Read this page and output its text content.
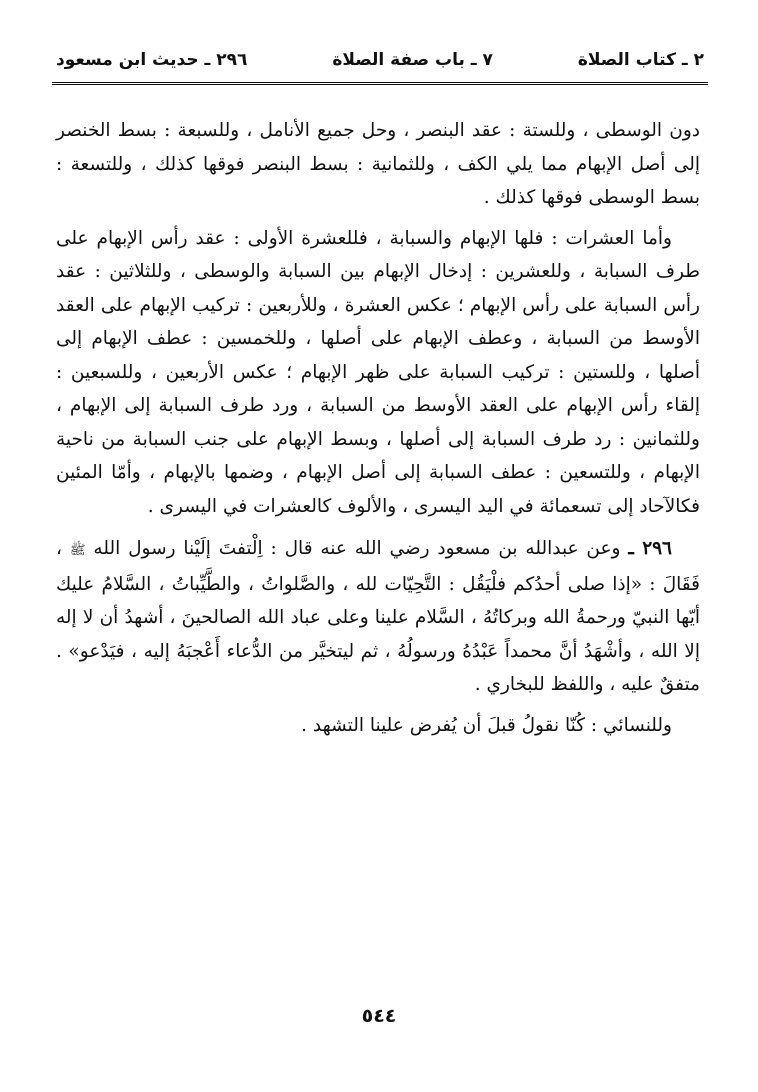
٢ ـ كتاب الصلاة
٧ ـ باب صفة الصلاة
٢٩٦ ـ حديث ابن مسعود

دون الوسطى ، وللستة : عقد البنصر ، وحل جميع الأنامل ، وللسبعة : بسط الخنصر إلى أصل الإبهام مما يلي الكف ، وللثمانية : بسط البنصر فوقها كذلك ، وللتسعة : بسط الوسطى فوقها كذلك .

وأما العشرات : فلها الإبهام والسبابة ، فللعشرة الأولى : عقد رأس الإبهام على طرف السبابة ، وللعشرين : إدخال الإبهام بين السبابة والوسطى ، وللثلاثين : عقد رأس السبابة على رأس الإبهام ؛ عكس العشرة ، وللأربعين : تركيب الإبهام على العقد الأوسط من السبابة ، وعطف الإبهام على أصلها ، وللخمسين : عطف الإبهام إلى أصلها ، وللستين : تركيب السبابة على ظهر الإبهام ؛ عكس الأربعين ، وللسبعين : إلقاء رأس الإبهام على العقد الأوسط من السبابة ، ورد طرف السبابة إلى الإبهام ، وللثمانين : رد طرف السبابة إلى أصلها ، وبسط الإبهام على جنب السبابة من ناحية الإبهام ، وللتسعين : عطف السبابة إلى أصل الإبهام ، وضمها بالإبهام ، وأمّا المئين فكالآحاد إلى تسعمائة في اليد اليسرى ، والألوف كالعشرات في اليسرى .

٢٩٦ ـ وعن عبدالله بن مسعود رضي الله عنه قال : اِلْتفتَ إلَيْنا رسول الله ﷺ ، فَقَالَ : «إذا صلى أحدُكم فلْيَقُل : التَّحِيّات لله ، والصَّلواتُ ، والطَّيِّباتُ ، السَّلامُ عليك أيّها النبيّ ورحمةُ الله وبركاتُهُ ، السَّلام علينا وعلى عباد الله الصالحينَ ، أشهدُ أن لا إله إلا الله ، وأشْهَدُ أنَّ محمداً عَبْدُهُ ورسولُهُ ، ثم ليتخيَّر من الدُّعاء أَعْجبَهُ إليه ، فيَدْعو» . متفقٌ عليه ، واللفظ للبخاري .

وللنسائي : كُنّا نقولُ قبلَ أن يُفرض علينا التشهد .

٥٤٤
